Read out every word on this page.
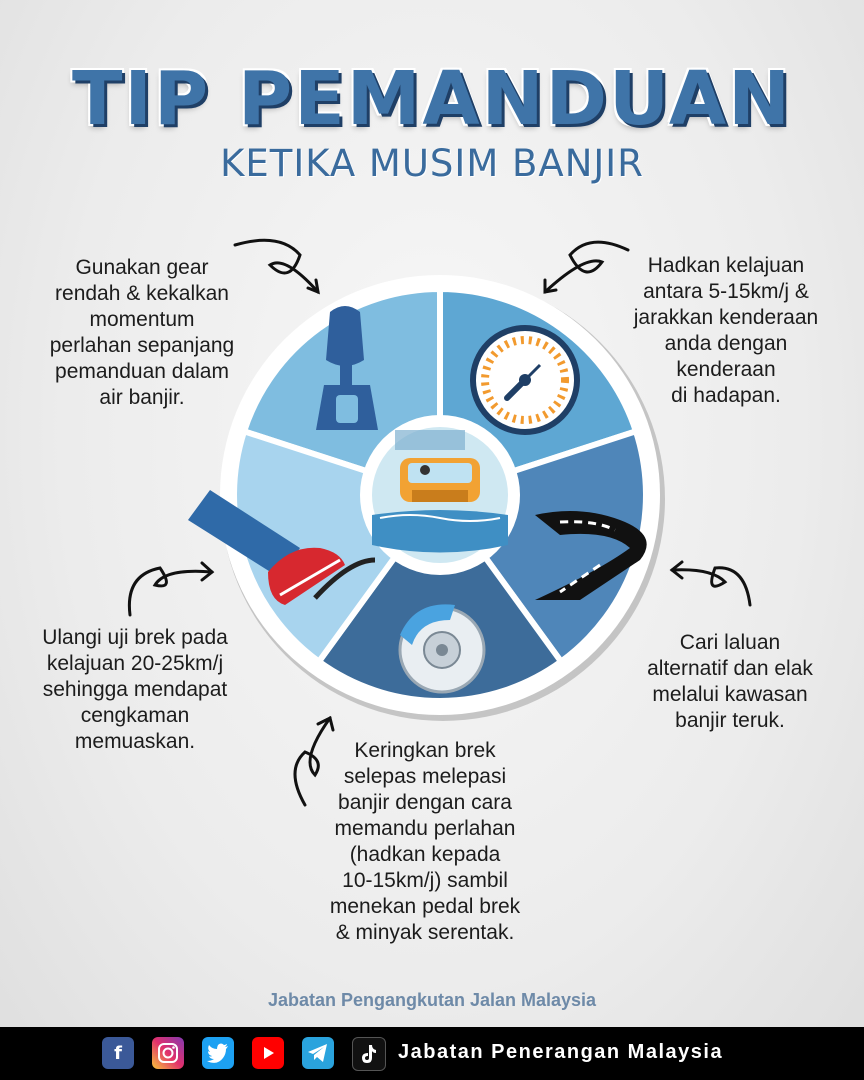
TIP PEMANDUAN
KETIKA MUSIM BANJIR
Gunakan gear
rendah & kekalkan
momentum
perlahan sepanjang
pemanduan dalam
air banjir.
Hadkan kelajuan
antara 5-15km/j &
jarakkan kenderaan
anda dengan
kenderaan
di hadapan.
Cari laluan
alternatif dan elak
melalui kawasan
banjir teruk.
Ulangi uji brek pada
kelajuan 20-25km/j
sehingga mendapat
cengkaman
memuaskan.	Keringkan brek
selepas melepasi
banjir dengan cara
memandu perlahan
(hadkan kepada
10-15km/j) sambil
menekan pedal brek
& minyak serentak.
Jabatan Pengangkutan Jalan Malaysia
f	Jabatan Penerangan Malaysia
